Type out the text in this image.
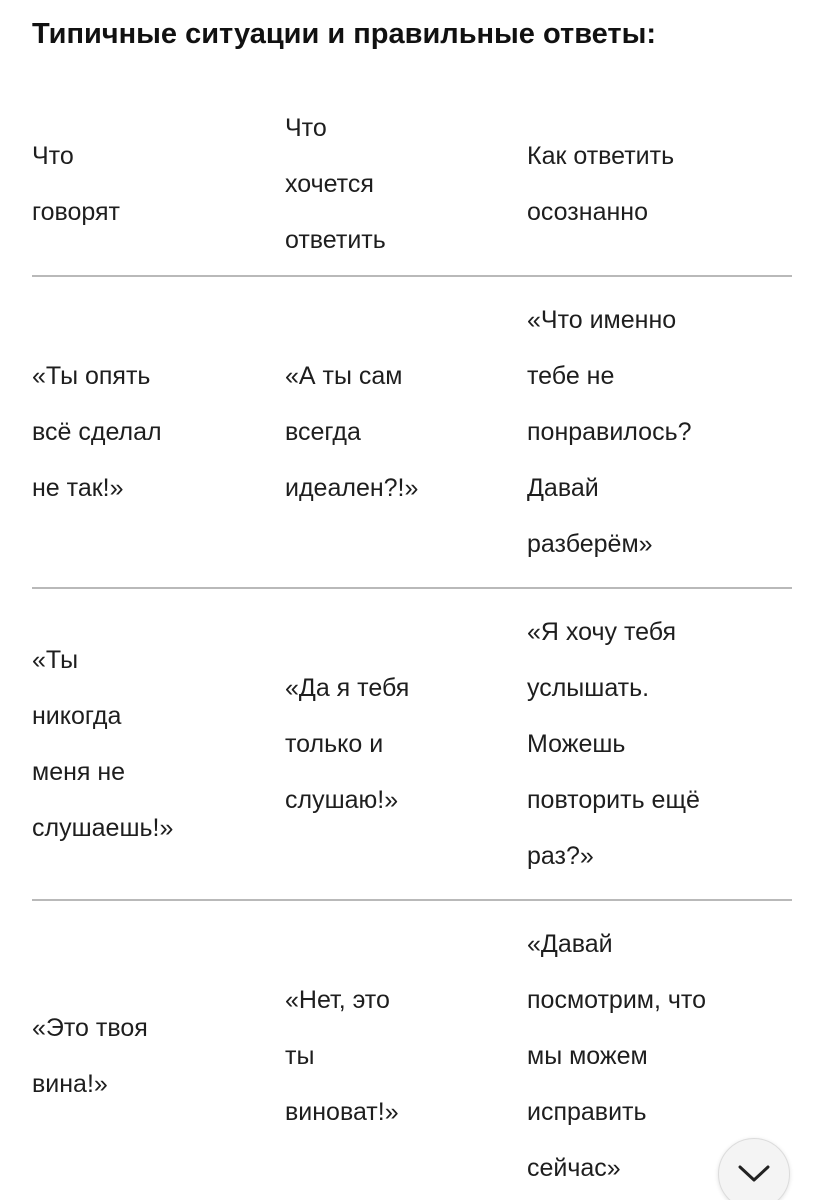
Типичные ситуации и правильные ответы:
Что
говорят
Что
хочется
ответить
Как ответить
осознанно
«Ты опять
всё сделал
не так!»
«А ты сам
всегда
идеален?!»
«Что именно
тебе не
понравилось?
Давай
разберём»
«Ты
никогда
меня не
слушаешь!»
«Да я тебя
только и
слушаю!»
«Я хочу тебя
услышать.
Можешь
повторить ещё
раз?»
«Это твоя
вина!»
«Нет, это
ты
виноват!»
«Давай
посмотрим, что
мы можем
исправить
сейчас»
